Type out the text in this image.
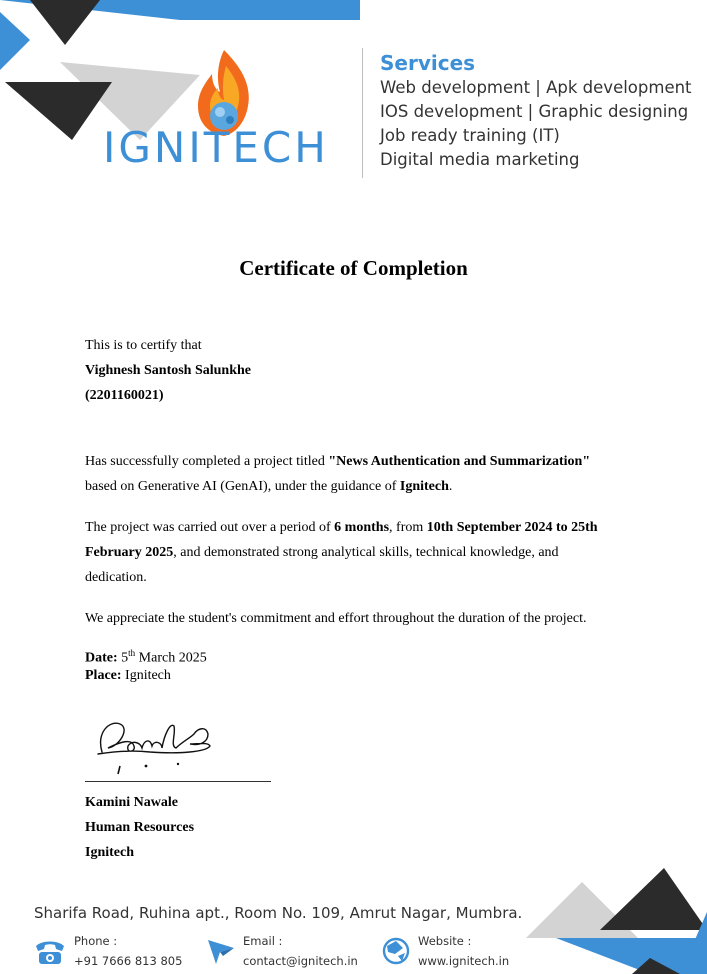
IGNITECH
Services
Web development | Apk development
IOS development | Graphic designing
Job ready training (IT)
Digital media marketing
Certificate of Completion

This is to certify that

Vighnesh Santosh Salunkhe

(2201160021)

Has successfully completed a project titled "News Authentication and Summarization"
based on Generative AI (GenAI), under the guidance of Ignitech.

The project was carried out over a period of 6 months, from 10th September 2024 to 25th
February 2025, and demonstrated strong analytical skills, technical knowledge, and
dedication.

We appreciate the student's commitment and effort throughout the duration of the project.

Date: 5th March 2025
Place: Ignitech
Kamini Nawale
Human Resources
Ignitech
Sharifa Road, Ruhina apt., Room No. 109, Amrut Nagar, Mumbra.
Phone :
+91 7666 813 805
Email :
contact@ignitech.in
Website :
www.ignitech.in
